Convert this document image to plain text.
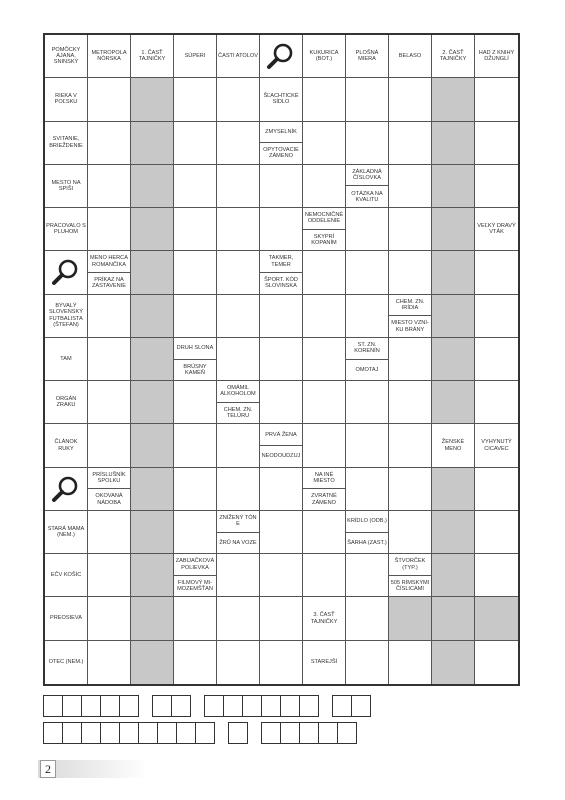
POMÔCKY AJANA, SNINSKÝ
METROPOLA NÓRSKA
1. ČASŤ TAJNIČKY
SÚPERI	ČASTI ATOLOV
KUKURICA (BOT.)
PLOŠNÁ MIERA
BELASO
2. ČASŤ TAJNIČKY
HAD Z KNIHY DŽUNGLÍ
RIEKA V POĽSKU
ŠĽACHTICKÉ SÍDLO
SVITANIE, BRIEŽDENIE
ZMYSELNÍK
OPYTOVACIE ZÁMENO
MESTO NA SPIŠI
ZÁKLADNÁ ČÍSLOVKA
OTÁZKA NA KVALITU
PRACOVALO S PLUHOM
NEMOCNIČNÉ ODDELENIE
SKYPRÍ KOPANÍM
VEĽKÝ DRAVÝ VTÁK
MENO HERCA ROMANČÍKA
PRÍKAZ NA ZASTAVENIE
TAKMER, TEMER
ŠPORT. KÓD SLOVINSKA
BÝVALÝ SLOVENSKÝ FUTBALISTA (ŠTEFAN)
CHEM. ZN. IRÍDIA
MIESTO VZNI-KU BRÁNY
TAM
DRUH SLONA
BRÚSNY KAMEŇ
ST. ZN. KORENÍN
OMOTAJ
ORGÁN ZRAKU
OMÁMIL ALKOHOLOM
CHEM. ZN. TELÚRU
ČLÁNOK RUKY
PRVÁ ŽENA
NEODOUDZUJ
ŽENSKÉ MENO
VYHYNUTÝ CICAVEC
PRÍSLUŠNÍK SPOLKU
OKOVANÁ NÁDOBA
NA INÉ MIESTO
ZVRATNÉ ZÁMENO
STARÁ MAMA (NEM.)
ZNÍŽENÝ TÓN E
ŽRŮ NA VOZE
KRÍDLO (ODB.)
ŠARHA (ZAST.)
EČV KOŠÍC
ZABIJAČKOVÁ POLIEVKA
FILMOVÝ MI-MOZEMŠŤAN
ŠTVORČEK (TYP.)
505 RÍMSKYMI ČÍSLICAMI
PREOSIEVA
3. ČASŤ TAJNIČKY
OTEC (NEM.)	STAREJŠÍ
2
